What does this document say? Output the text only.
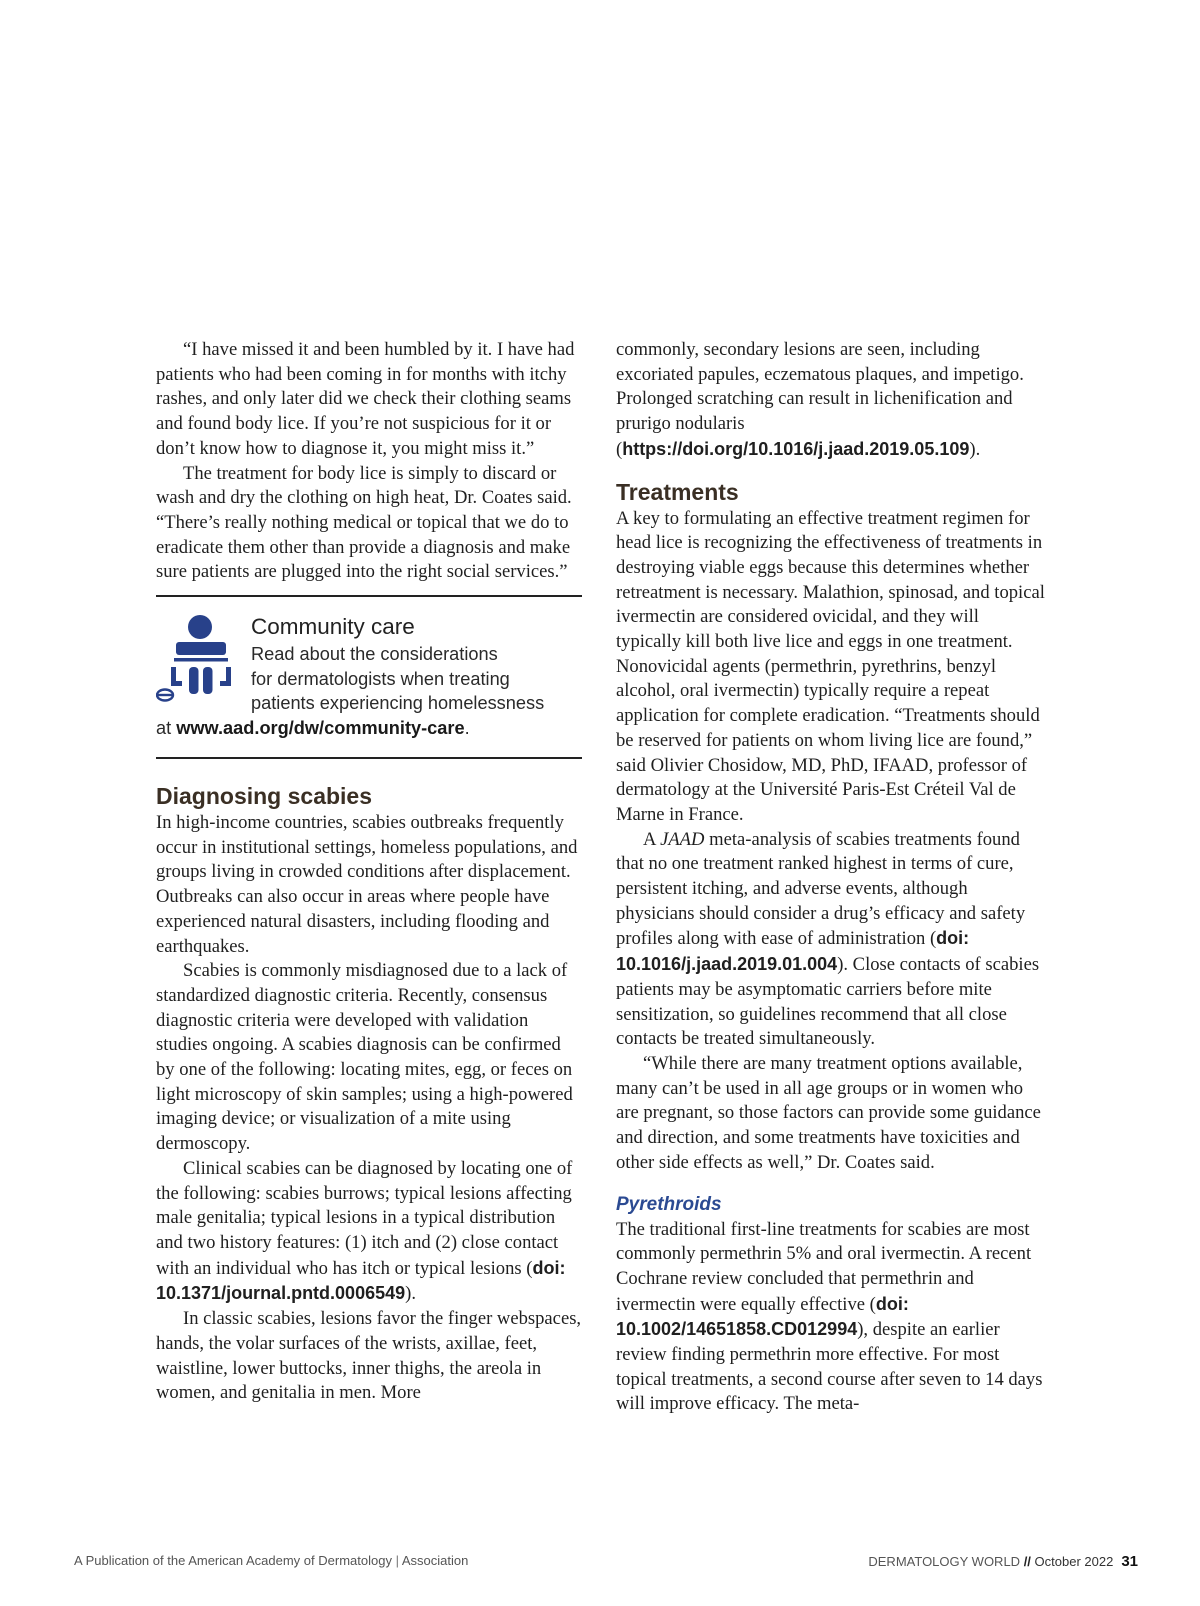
“I have missed it and been humbled by it. I have had patients who had been coming in for months with itchy rashes, and only later did we check their clothing seams and found body lice. If you’re not suspicious for it or don’t know how to diagnose it, you might miss it.”

The treatment for body lice is simply to discard or wash and dry the clothing on high heat, Dr. Coates said. “There’s really nothing medical or topical that we do to eradicate them other than provide a diagnosis and make sure patients are plugged into the right social services.”

Community care
Read about the considerations
for dermatologists when treating
patients experiencing homelessness
at www.aad.org/dw/community-care.
Diagnosing scabies

In high-income countries, scabies outbreaks frequently occur in institutional settings, homeless populations, and groups living in crowded conditions after displacement. Outbreaks can also occur in areas where people have experienced natural disasters, including flooding and earthquakes.

Scabies is commonly misdiagnosed due to a lack of standardized diagnostic criteria. Recently, consensus diagnostic criteria were developed with validation studies ongoing. A scabies diagnosis can be confirmed by one of the following: locating mites, egg, or feces on light microscopy of skin samples; using a high-powered imaging device; or visualization of a mite using dermoscopy.

Clinical scabies can be diagnosed by locating one of the following: scabies burrows; typical lesions affecting male genitalia; typical lesions in a typical distribution and two history features: (1) itch and (2) close contact with an individual who has itch or typical lesions (doi: 10.1371/journal.pntd.0006549).

In classic scabies, lesions favor the finger webspaces, hands, the volar surfaces of the wrists, axillae, feet, waistline, lower buttocks, inner thighs, the areola in women, and genitalia in men. More

commonly, secondary lesions are seen, including excoriated papules, eczematous plaques, and impetigo. Prolonged scratching can result in lichenification and prurigo nodularis (https://doi.org/10.1016/j.jaad.2019.05.109).

Treatments

A key to formulating an effective treatment regimen for head lice is recognizing the effectiveness of treatments in destroying viable eggs because this determines whether retreatment is necessary. Malathion, spinosad, and topical ivermectin are considered ovicidal, and they will typically kill both live lice and eggs in one treatment. Nonovicidal agents (permethrin, pyrethrins, benzyl alcohol, oral ivermectin) typically require a repeat application for complete eradication. “Treatments should be reserved for patients on whom living lice are found,” said Olivier Chosidow, MD, PhD, IFAAD, professor of dermatology at the Université Paris-Est Créteil Val de Marne in France.

A JAAD meta-analysis of scabies treatments found that no one treatment ranked highest in terms of cure, persistent itching, and adverse events, although physicians should consider a drug’s efficacy and safety profiles along with ease of administration (doi: 10.1016/j.jaad.2019.01.004). Close contacts of scabies patients may be asymptomatic carriers before mite sensitization, so guidelines recommend that all close contacts be treated simultaneously.

“While there are many treatment options available, many can’t be used in all age groups or in women who are pregnant, so those factors can provide some guidance and direction, and some treatments have toxicities and other side effects as well,” Dr. Coates said.

Pyrethroids

The traditional first-line treatments for scabies are most commonly permethrin 5% and oral ivermectin. A recent Cochrane review concluded that permethrin and ivermectin were equally effective (doi: 10.1002/14651858.CD012994), despite an earlier review finding permethrin more effective. For most topical treatments, a second course after seven to 14 days will improve efficacy. The meta-

A Publication of the American Academy of Dermatology | Association	DERMATOLOGY WORLD // October 2022 31
